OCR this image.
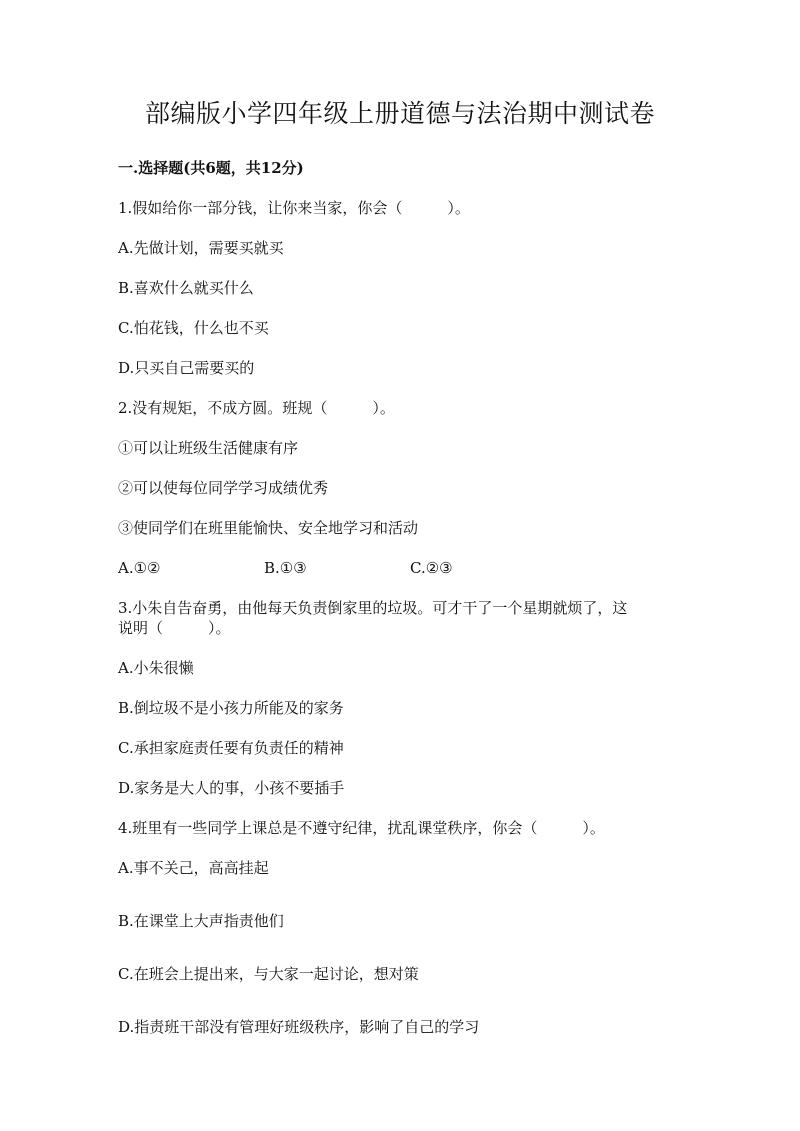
部编版小学四年级上册道德与法治期中测试卷
一.选择题(共6题，共12分)
1.假如给你一部分钱，让你来当家，你会（　　　）。
A.先做计划，需要买就买
B.喜欢什么就买什么
C.怕花钱，什么也不买
D.只买自己需要买的
2.没有规矩，不成方圆。班规（　　　）。
①可以让班级生活健康有序
②可以使每位同学学习成绩优秀
③使同学们在班里能愉快、安全地学习和活动
A.①②	B.①③	C.②③
3.小朱自告奋勇，由他每天负责倒家里的垃圾。可才干了一个星期就烦了，这
说明（　　　）。
A.小朱很懒
B.倒垃圾不是小孩力所能及的家务
C.承担家庭责任要有负责任的精神
D.家务是大人的事，小孩不要插手
4.班里有一些同学上课总是不遵守纪律，扰乱课堂秩序，你会（　　　）。
A.事不关己，高高挂起
B.在课堂上大声指责他们
C.在班会上提出来，与大家一起讨论，想对策
D.指责班干部没有管理好班级秩序，影响了自己的学习
